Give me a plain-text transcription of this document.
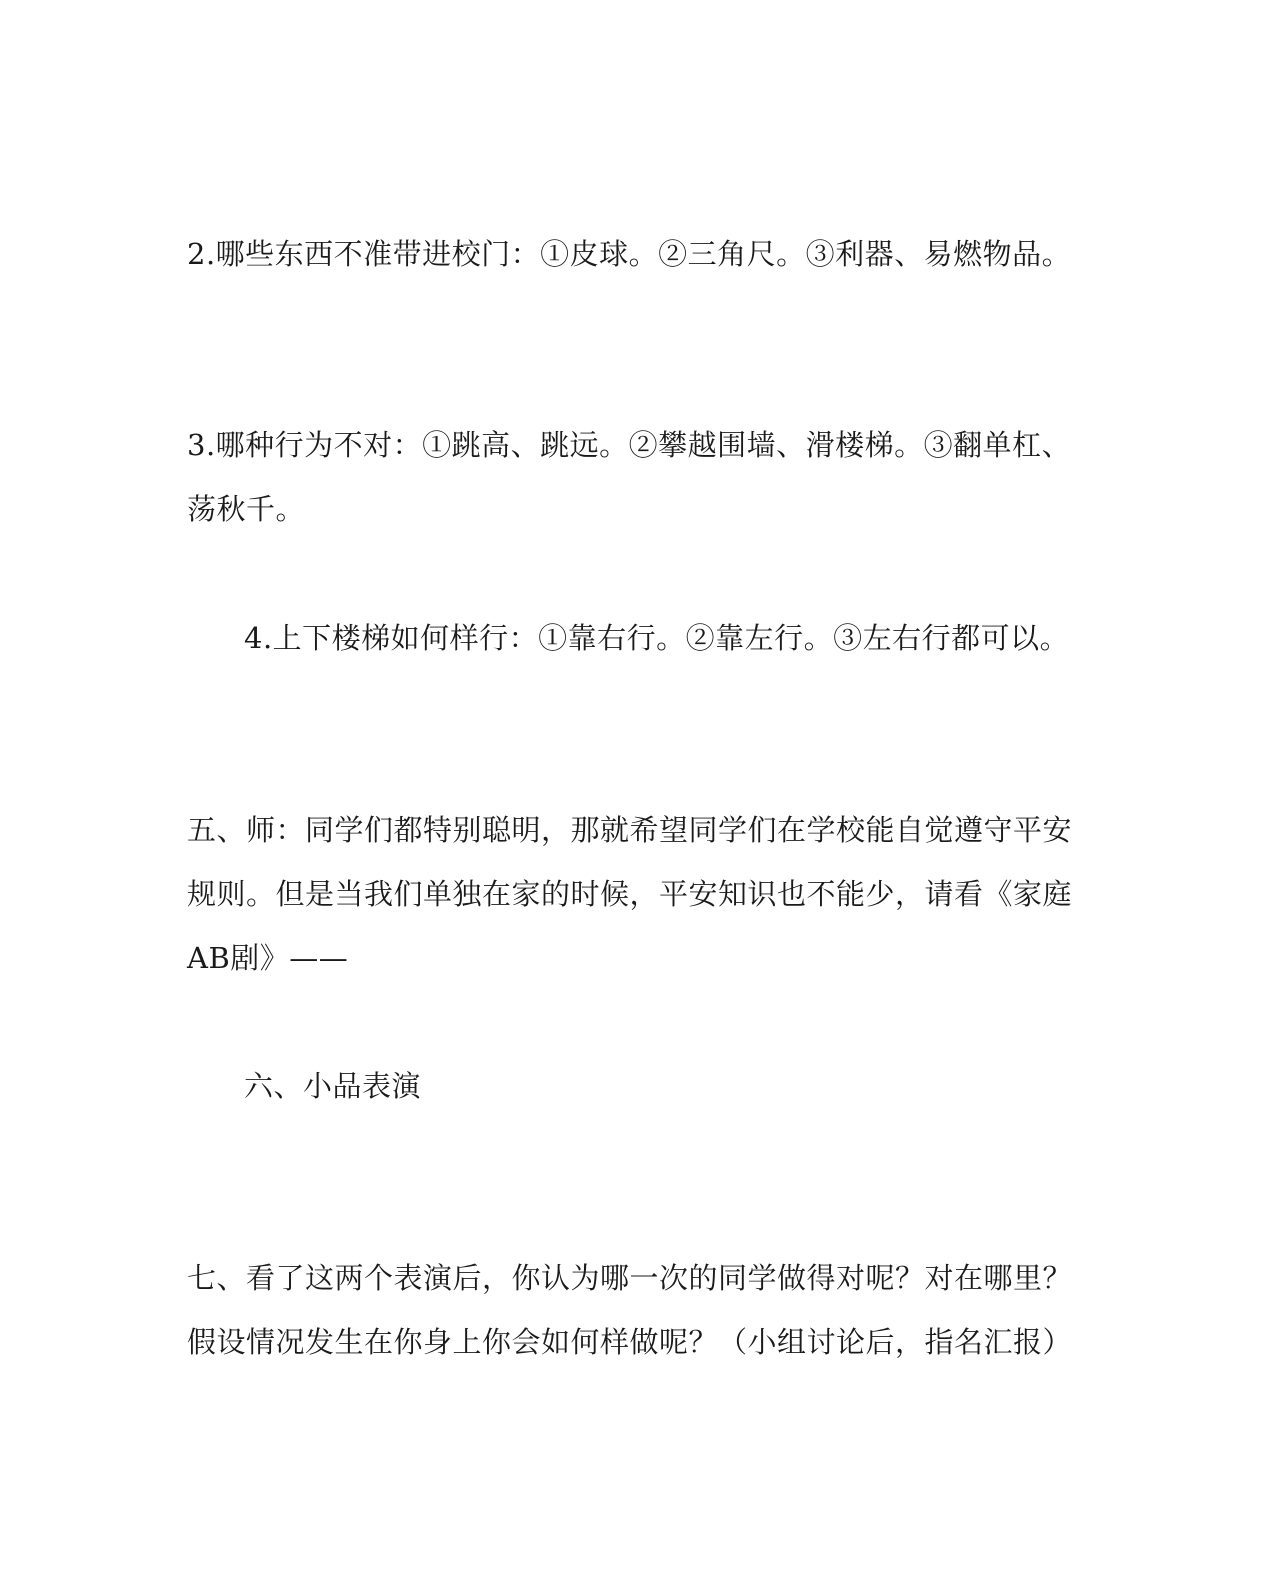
2.哪些东西不准带进校门：①皮球。②三角尺。③利器、易燃物品。

3.哪种行为不对：①跳高、跳远。②攀越围墙、滑楼梯。③翻单杠、荡秋千。

4.上下楼梯如何样行：①靠右行。②靠左行。③左右行都可以。

五、师：同学们都特别聪明，那就希望同学们在学校能自觉遵守平安规则。但是当我们单独在家的时候，平安知识也不能少，请看《家庭AB剧》——

六、小品表演

七、看了这两个表演后，你认为哪一次的同学做得对呢？对在哪里？假设情况发生在你身上你会如何样做呢？（小组讨论后，指名汇报）
